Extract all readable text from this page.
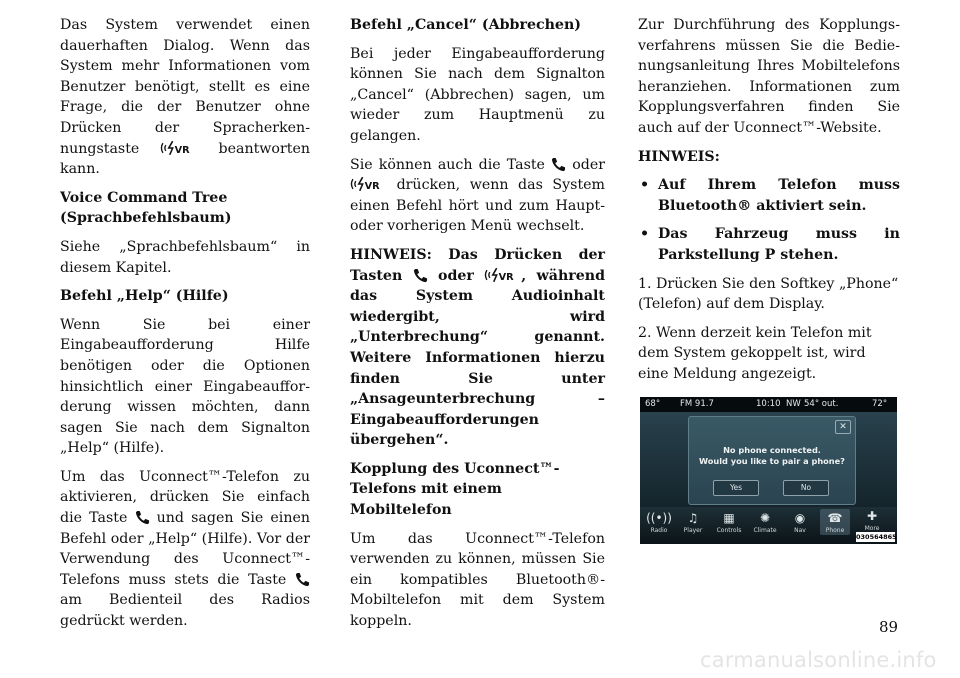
Das System verwendet einen dauerhaften Dialog. Wenn das System mehr Informationen vom Benutzer benötigt, stellt es eine Frage, die der Benutzer ohne Drücken der Spracherkennungstaste	beantworten kann.

Voice Command Tree (Sprachbefehlsbaum)

Siehe „Sprachbefehlsbaum“ in diesem Kapitel.

Befehl „Help“ (Hilfe)

Wenn Sie bei einer Eingabeaufforderung Hilfe benötigen oder die Optionen hinsichtlich einer Eingabeaufforderung wissen möchten, dann sagen Sie nach dem Signalton „Help“ (Hilfe).

Um das Uconnect™-Telefon zu aktivieren, drücken Sie einfach die Taste und sagen Sie einen Befehl oder „Help“ (Hilfe). Vor der Verwendung des Uconnect™-Telefons muss stets die Taste  am Bedienteil des Radios gedrückt werden.

Befehl „Cancel“ (Abbrechen)

Bei jeder Eingabeaufforderung können Sie nach dem Signalton „Cancel“ (Abbrechen) sagen, um wieder zum Hauptmenü zu gelangen.

Sie können auch die Taste oder  drücken, wenn das System einen Befehl hört und zum Haupt- oder vorherigen Menü wechselt.

HINWEIS: Das Drücken der Tasten	oder	, während das System Audioinhalt wiedergibt, wird „Unterbrechung“ genannt. Weitere Informationen hierzu finden Sie unter „Ansageunterbrechung – Eingabeaufforderungen übergehen“.

Kopplung des Uconnect™-Telefons mit einem Mobiltelefon

Um das Uconnect™-Telefon verwenden zu können, müssen Sie ein kompatibles Bluetooth®-Mobiltelefon mit dem System koppeln.

Zur Durchführung des Kopplungsverfahrens müssen Sie die Bedienungsanleitung Ihres Mobiltelefons heranziehen. Informationen zum Kopplungsverfahren finden Sie auch auf der Uconnect™-Website.

HINWEIS:

• Auf Ihrem Telefon muss Bluetooth® aktiviert sein.
• Das Fahrzeug muss in Parkstellung P stehen.

1. Drücken Sie den Softkey „Phone“ (Telefon) auf dem Display.

2. Wenn derzeit kein Telefon mit dem System gekoppelt ist, wird eine Meldung angezeigt.

68° FM 91.7	10:10 NW 54° out.	72°
✕
No phone connected.
Would you like to pair a phone?
Yes	No
((•))
Radio
♫
Player
▦
Controls
✺
Climate
◉
Nav
☎
Phone
✚
More
030564865
89
carmanualsonline.info
